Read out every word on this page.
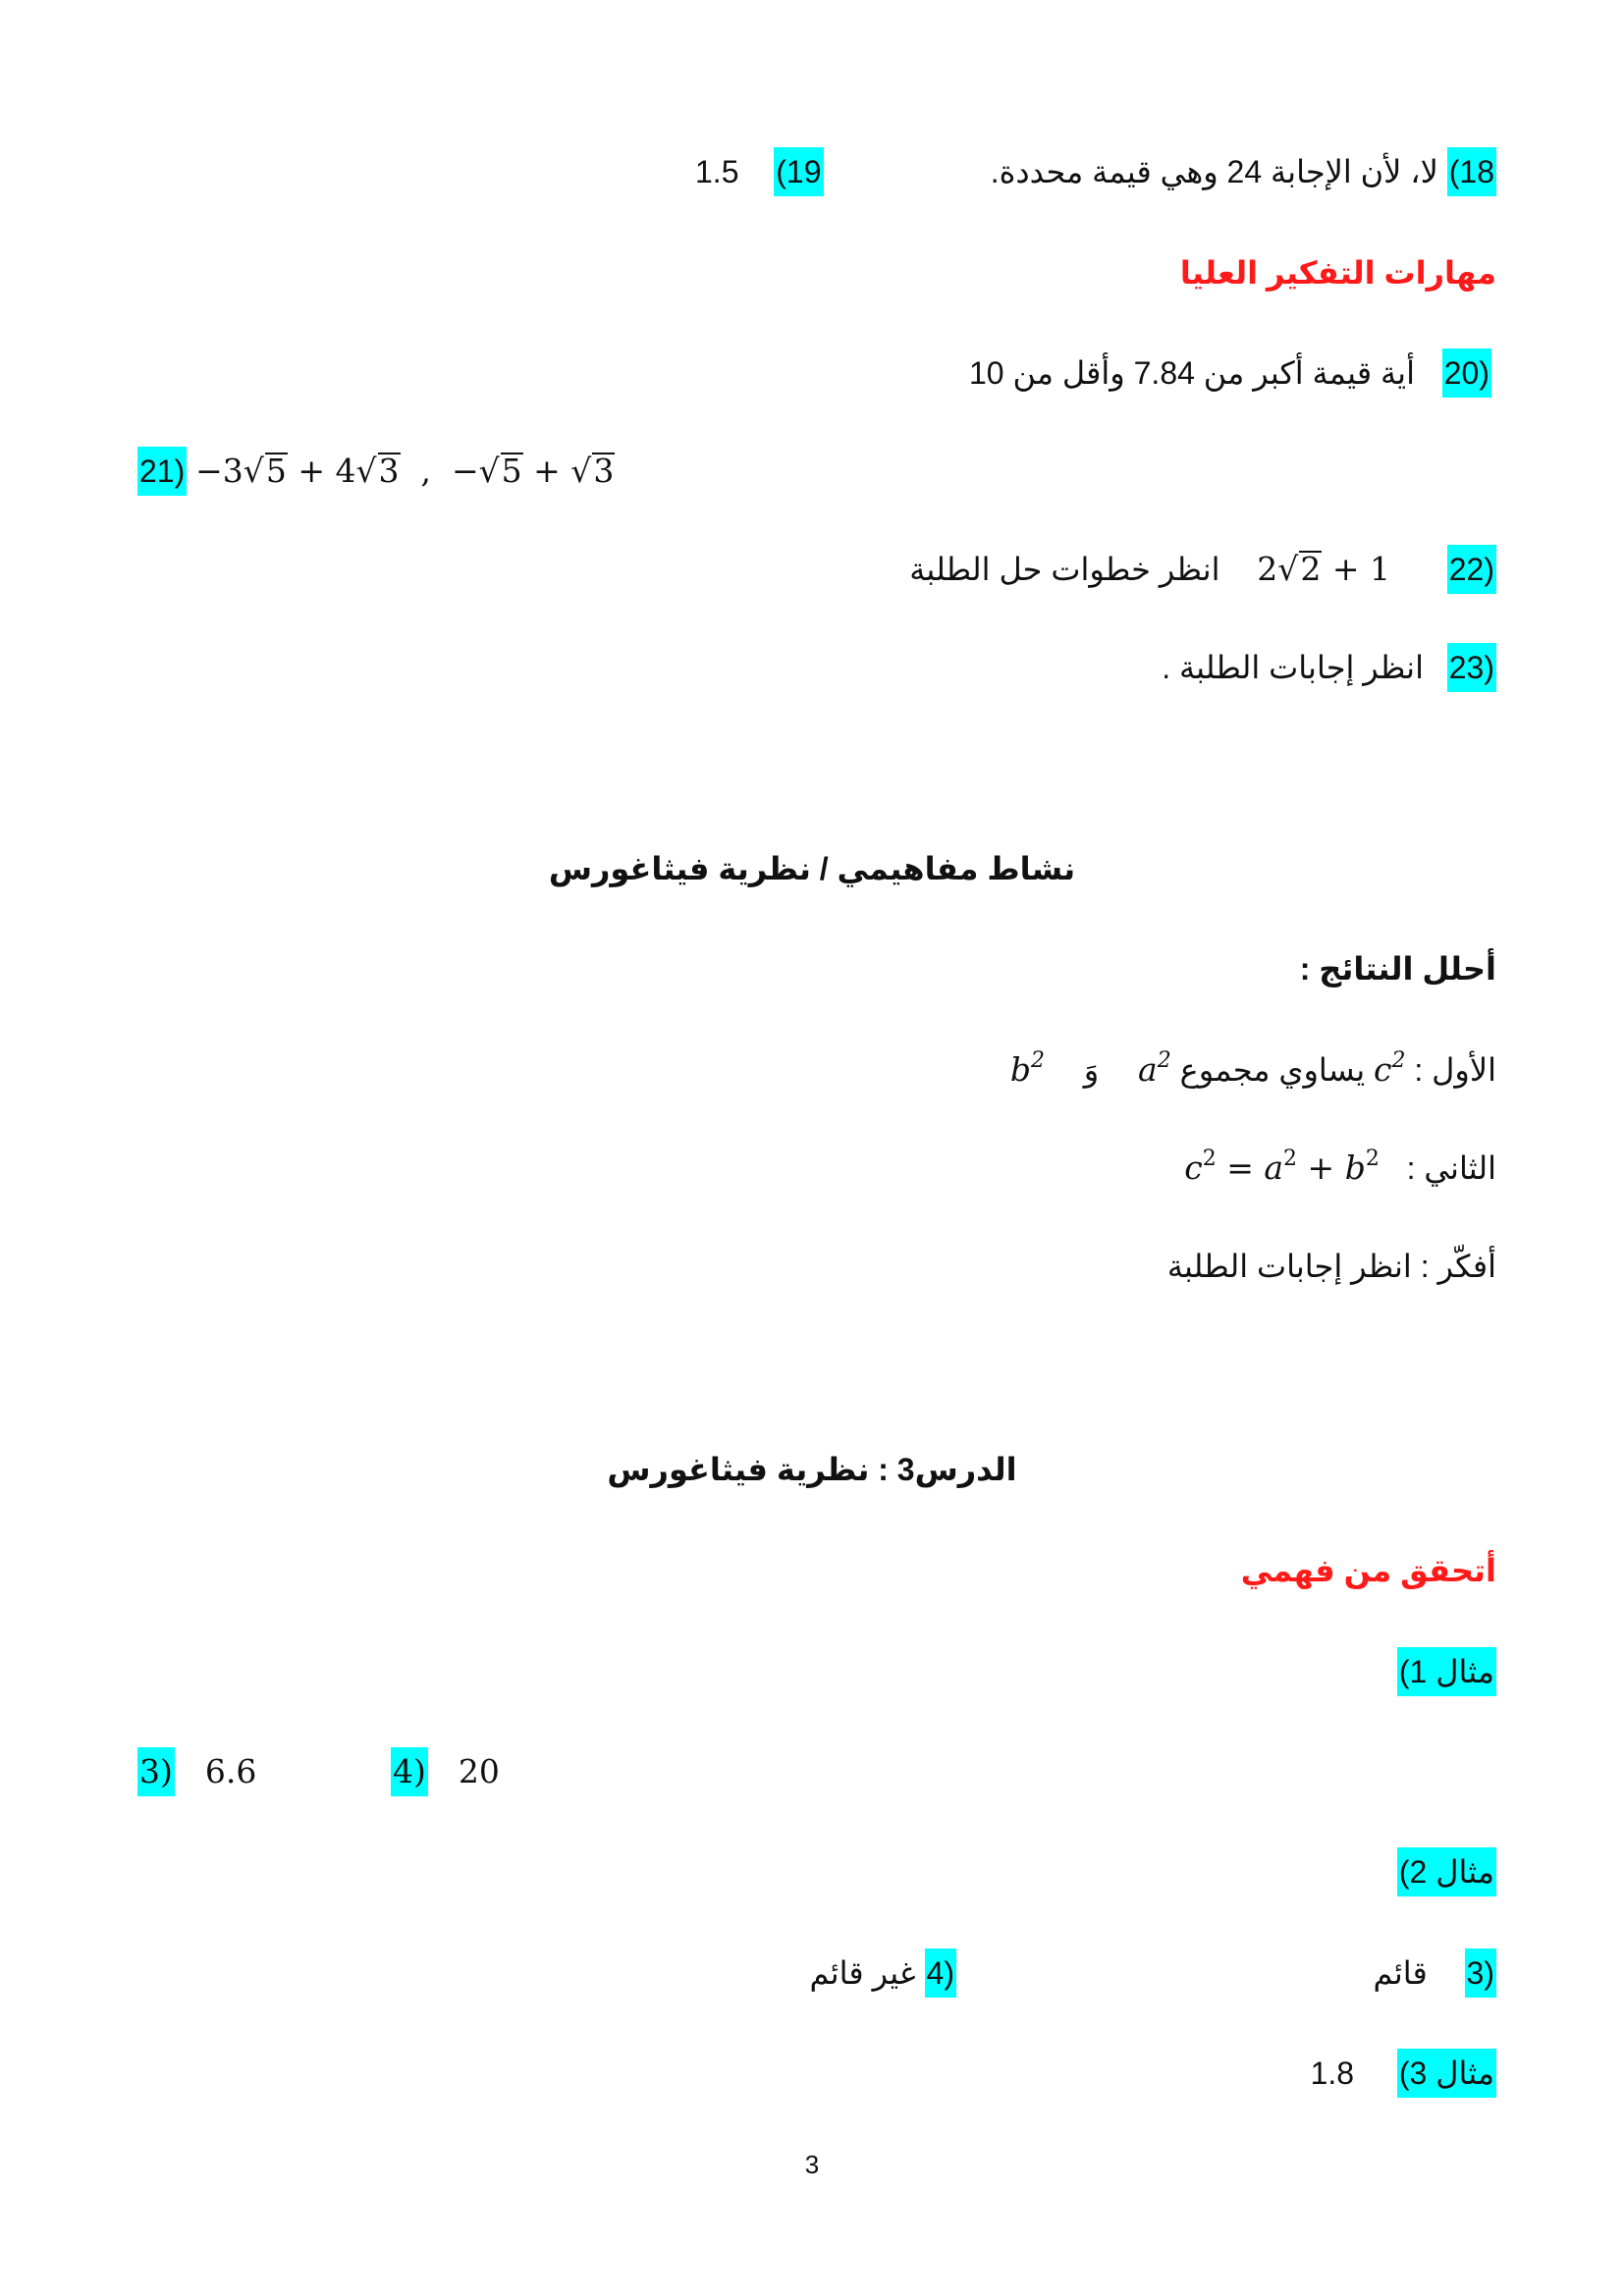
18) لا، لأن الإجابة 24 وهي قيمة محددة.
1.5 (19
مهارات التفكير العليا
(20  أية قيمة أكبر من 7.84 وأقل من 10
21) −3√5 + 4√3  ,  −√5 + √3
(22  2√2 + 1  انظر خطوات حل الطلبة
(23  انظر إجابات الطلبة .
نشاط مفاهيمي / نظرية فيثاغورس
أحلل النتائج :
الأول : $c^2$ يساوي مجموع $a^2$  وَ  $b^2$
الثاني :  $c^2 = a^2 + b^2$
أفكّر : انظر إجابات الطلبة
الدرس3 : نظرية فيثاغورس
أتحقق من فهمي
مثال 1)
3) 6.6	4) 20
مثال 2)
(3  قائم
(4 غير قائم
مثال 3)  1.8
3
